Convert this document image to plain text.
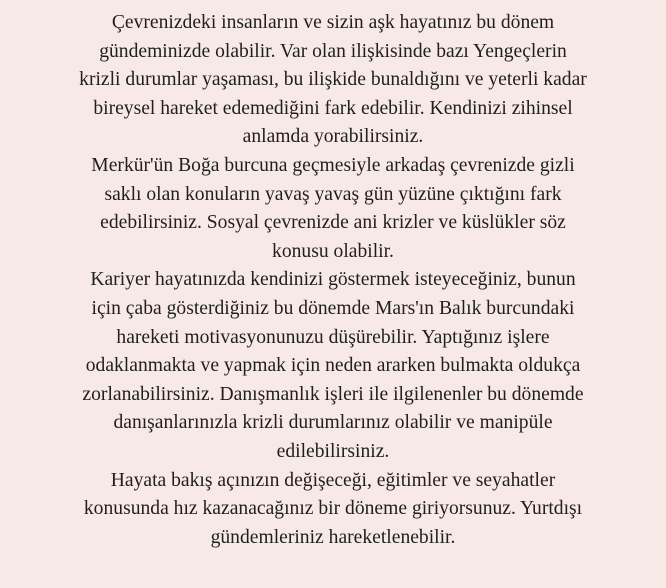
Çevrenizdeki insanların ve sizin aşk hayatınız bu dönem
gündeminizde olabilir. Var olan ilişkisinde bazı Yengeçlerin
krizli durumlar yaşaması, bu ilişkide bunaldığını ve yeterli kadar
bireysel hareket edemediğini fark edebilir. Kendinizi zihinsel
anlamda yorabilirsiniz.

Merkür'ün Boğa burcuna geçmesiyle arkadaş çevrenizde gizli
saklı olan konuların yavaş yavaş gün yüzüne çıktığını fark
edebilirsiniz. Sosyal çevrenizde ani krizler ve küslükler söz
konusu olabilir.

Kariyer hayatınızda kendinizi göstermek isteyeceğiniz, bunun
için çaba gösterdiğiniz bu dönemde Mars'ın Balık burcundaki
hareketi motivasyonunuzu düşürebilir. Yaptığınız işlere
odaklanmakta ve yapmak için neden ararken bulmakta oldukça
zorlanabilirsiniz. Danışmanlık işleri ile ilgilenenler bu dönemde
danışanlarınızla krizli durumlarınız olabilir ve manipüle
edilebilirsiniz.

Hayata bakış açınızın değişeceği, eğitimler ve seyahatler
konusunda hız kazanacağınız bir döneme giriyorsunuz. Yurtdışı
gündemleriniz hareketlenebilir.
